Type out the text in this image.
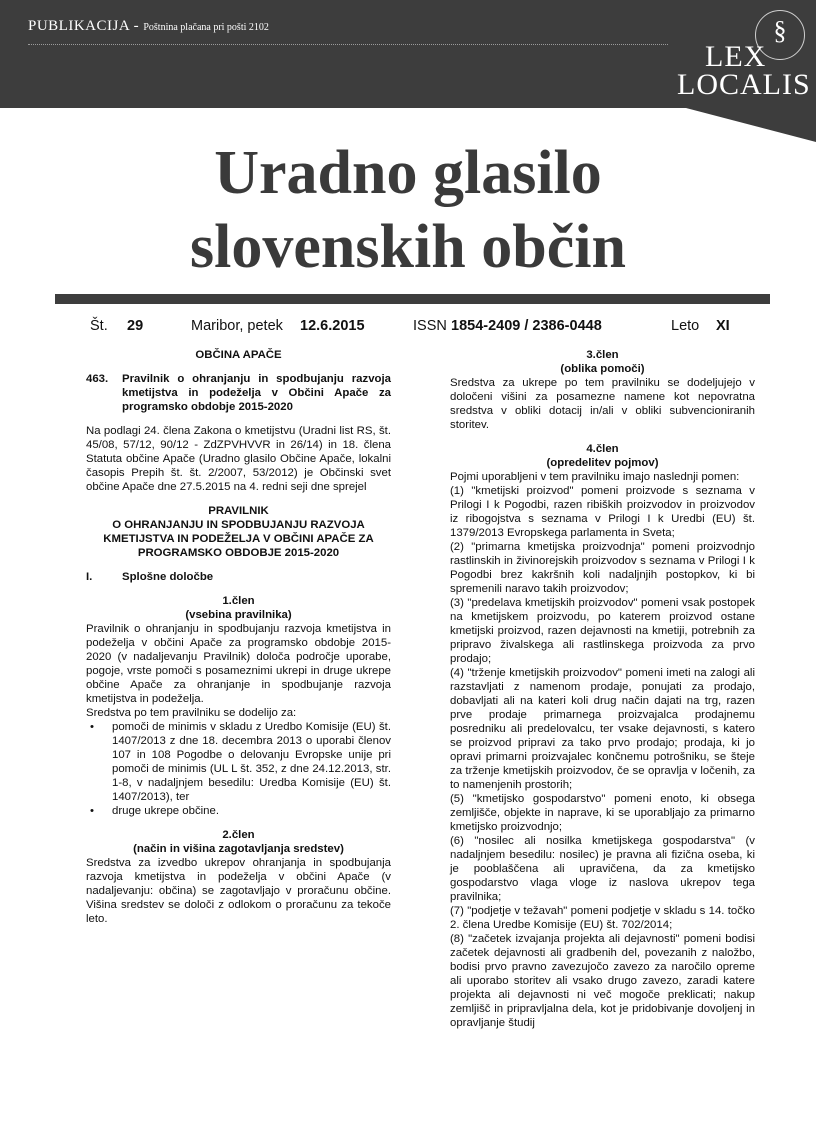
PUBLIKACIJA - Poštnina plačana pri pošti 2102	§
LEX
LOCALIS
Uradno glasilo
slovenskih občin
Št. 29	Maribor, petek 12.6.2015	ISSN 1854-2409 / 2386-0448	Leto XI

OBČINA APAČE

463.	Pravilnik o ohranjanju in spodbujanju razvoja kmetijstva in podeželja v Občini Apače za programsko obdobje 2015-2020

Na podlagi 24. člena Zakona o kmetijstvu (Uradni list RS, št. 45/08, 57/12, 90/12 - ZdZPVHVVR in 26/14) in 18. člena Statuta občine Apače (Uradno glasilo Občine Apače, lokalni časopis Prepih št. št. 2/2007, 53/2012) je Občinski svet občine Apače dne 27.5.2015 na 4. redni seji dne sprejel

PRAVILNIK

O OHRANJANJU IN SPODBUJANJU RAZVOJA

KMETIJSTVA IN PODEŽELJA V OBČINI APAČE ZA

PROGRAMSKO OBDOBJE 2015-2020

I.	Splošne določbe

1.člen

(vsebina pravilnika)

Pravilnik o ohranjanju in spodbujanju razvoja kmetijstva in podeželja v občini Apače za programsko obdobje 2015-2020 (v nadaljevanju Pravilnik) določa področje uporabe, pogoje, vrste pomoči s posameznimi ukrepi in druge ukrepe občine Apače za ohranjanje in spodbujanje razvoja kmetijstva in podeželja.

Sredstva po tem pravilniku se dodelijo za:

•	pomoči de minimis v skladu z Uredbo Komisije (EU) št. 1407/2013 z dne 18. decembra 2013 o uporabi členov 107 in 108 Pogodbe o delovanju Evropske unije pri pomoči de minimis (UL L št. 352, z dne 24.12.2013, str. 1-8, v nadaljnjem besedilu: Uredba Komisije (EU) št. 1407/2013), ter

•	druge ukrepe občine.

2.člen

(način in višina zagotavljanja sredstev)

Sredstva za izvedbo ukrepov ohranjanja in spodbujanja razvoja kmetijstva in podeželja v občini Apače (v nadaljevanju: občina) se zagotavljajo v proračunu občine. Višina sredstev se določi z odlokom o proračunu za tekoče leto.

3.člen

(oblika pomoči)

Sredstva za ukrepe po tem pravilniku se dodeljujejo v določeni višini za posamezne namene kot nepovratna sredstva v obliki dotacij in/ali v obliki subvencioniranih storitev.

4.člen

(opredelitev pojmov)

Pojmi uporabljeni v tem pravilniku imajo naslednji pomen:

(1) "kmetijski proizvod" pomeni proizvode s seznama v Prilogi I k Pogodbi, razen ribiških proizvodov in proizvodov iz ribogojstva s seznama v Prilogi I k Uredbi (EU) št. 1379/2013 Evropskega parlamenta in Sveta;

(2) "primarna kmetijska proizvodnja" pomeni proizvodnjo rastlinskih in živinorejskih proizvodov s seznama v Prilogi I k Pogodbi brez kakršnih koli nadaljnjih postopkov, ki bi spremenili naravo takih proizvodov;

(3) "predelava kmetijskih proizvodov" pomeni vsak postopek na kmetijskem proizvodu, po katerem proizvod ostane kmetijski proizvod, razen dejavnosti na kmetiji, potrebnih za pripravo živalskega ali rastlinskega proizvoda za prvo prodajo;

(4) "trženje kmetijskih proizvodov" pomeni imeti na zalogi ali razstavljati z namenom prodaje, ponujati za prodajo, dobavljati ali na kateri koli drug način dajati na trg, razen prve prodaje primarnega proizvajalca prodajnemu posredniku ali predelovalcu, ter vsake dejavnosti, s katero se proizvod pripravi za tako prvo prodajo; prodaja, ki jo opravi primarni proizvajalec končnemu potrošniku, se šteje za trženje kmetijskih proizvodov, če se opravlja v ločenih, za to namenjenih prostorih;

(5) "kmetijsko gospodarstvo" pomeni enoto, ki obsega zemljišče, objekte in naprave, ki se uporabljajo za primarno kmetijsko proizvodnjo;

(6) "nosilec ali nosilka kmetijskega gospodarstva" (v nadaljnjem besedilu: nosilec) je pravna ali fizična oseba, ki je pooblaščena ali upravičena, da za kmetijsko gospodarstvo vlaga vloge iz naslova ukrepov tega pravilnika;

(7) "podjetje v težavah" pomeni podjetje v skladu s 14. točko 2. člena Uredbe Komisije (EU) št. 702/2014;

(8) "začetek izvajanja projekta ali dejavnosti" pomeni bodisi začetek dejavnosti ali gradbenih del, povezanih z naložbo, bodisi prvo pravno zavezujočo zavezo za naročilo opreme ali uporabo storitev ali vsako drugo zavezo, zaradi katere projekta ali dejavnosti ni več mogoče preklicati; nakup zemljišč in pripravljalna dela, kot je pridobivanje dovoljenj in opravljanje študij
